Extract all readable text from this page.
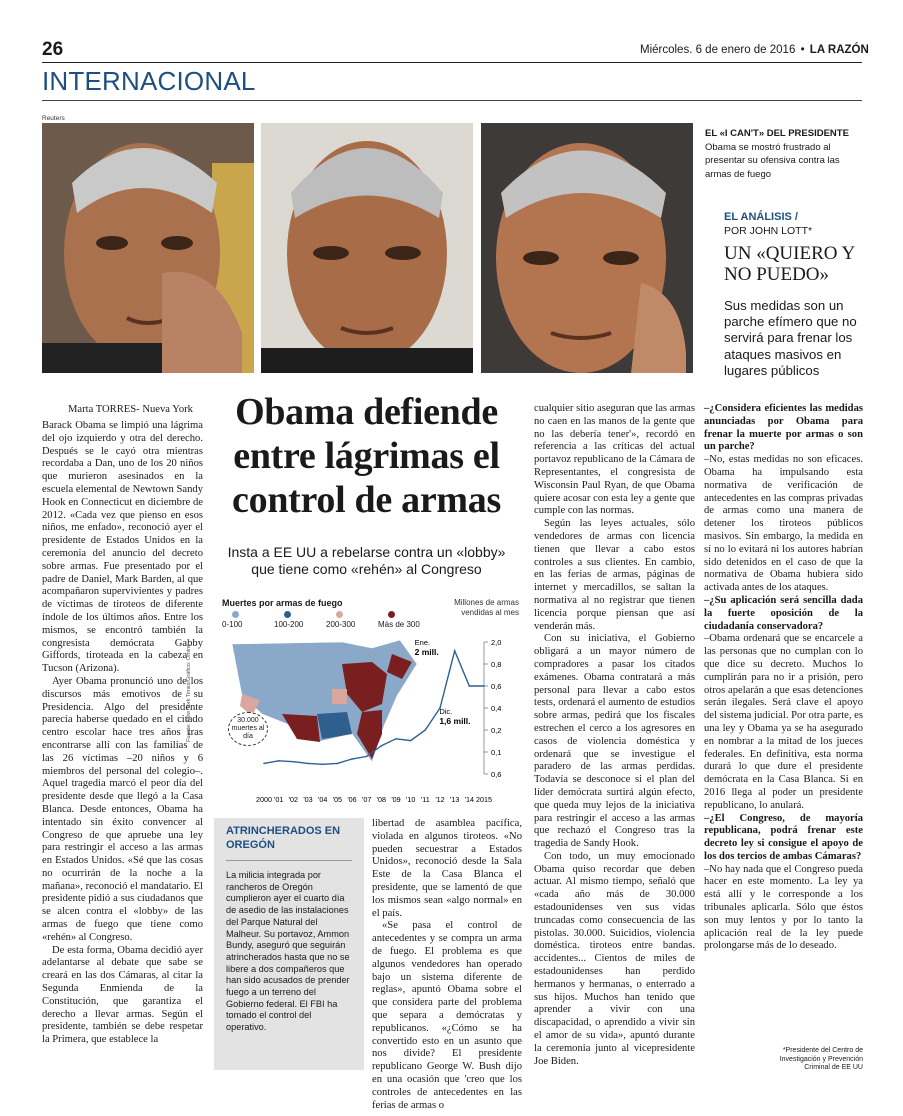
26	Miércoles. 6 de enero de 2016 • LA RAZÓN
INTERNACIONAL
Reuters
EL «I CAN'T» DEL PRESIDENTE
Obama se mostró frustrado al presentar su ofensiva contra las armas de fuego
EL ANÁLISIS /
POR JOHN LOTT*
UN «QUIERO Y NO PUEDO»
Sus medidas son un parche efímero que no servirá para frenar los ataques masivos en lugares públicos
Marta TORRES- Nueva York

Barack Obama se limpió una lágrima del ojo izquierdo y otra del derecho. Después se le cayó otra mientras recordaba a Dan, uno de los 20 niños que murieron asesinados en la escuela elemental de Newtown Sandy Hook en Connecticut en diciembre de 2012. «Cada vez que pienso en esos niños, me enfado», reconoció ayer el presidente de Estados Unidos en la ceremonia del anuncio del decreto sobre armas. Fue presentado por el padre de Daniel, Mark Barden, al que acompañaron supervivientes y padres de víctimas de tiroteos de diferente índole de los últimos años. Entre los mismos, se encontró también la congresista demócrata Gabby Giffords, tiroteada en la cabeza en Tucson (Arizona).

Ayer Obama pronunció uno de los discursos más emotivos de su Presidencia. Algo del presidente parecía haberse quedado en el citado centro escolar hace tres años tras encontrarse allí con las familias de las 26 víctimas –20 niños y 6 miembros del personal del colegio–. Aquel tragedia marcó el peor día del presidente desde que llegó a la Casa Blanca. Desde entonces, Obama ha intentado sin éxito convencer al Congreso de que apruebe una ley para restringir el acceso a las armas en Estados Unidos. «Sé que las cosas no ocurrirán de la noche a la mañana», reconoció el mandatario. El presidente pidió a sus ciudadanos que se alcen contra el «lobby» de las armas de fuego que tiene como «rehén» al Congreso.

De esta forma, Obama decidió ayer adelantarse al debate que sabe se creará en las dos Cámaras, al citar la Segunda Enmienda de la Constitución, que garantiza el derecho a llevar armas. Según el presidente, también se debe respetar la Primera, que establece la

Obama defiende entre lágrimas el control de armas
Insta a EE UU a rebelarse contra un «lobby» que tiene como «rehén» al Congreso
Muertes por armas de fuego
0-100	100-200	200-300	Más de 300
Millones de armas vendidas al mes
30.000 muertes al día
Fuente: New York Times/Gráfico: Omine
2,0
0,8
0,6
0,4
0,2
0,1
0,6
2000 '01 '02 '03 '04 '05 '06 '07 '08 '09 '10 '11 '12 '13 '14 2015
Ene.
2 mill.
Dic.
1,6 mill.
ATRINCHERADOS EN OREGÓN
La milicia integrada por rancheros de Oregón cumplieron ayer el cuarto día de asedio de las instalaciones del Parque Natural del Malheur. Su portavoz, Ammon Bundy, aseguró que seguirán atrincherados hasta que no se libere a dos compañeros que han sido acusados de prender fuego a un terreno del Gobierno federal. El FBI ha tomado el control del operativo.

libertad de asamblea pacífica, violada en algunos tiroteos. «No pueden secuestrar a Estados Unidos», reconoció desde la Sala Este de la Casa Blanca el presidente, que se lamentó de que los mismos sean «algo normal» en el país.

«Se pasa el control de antecedentes y se compra un arma de fuego. El problema es que algunos vendedores han operado bajo un sistema diferente de reglas», apuntó Obama sobre el que considera parte del problema que separa a demócratas y republicanos. «¿Cómo se ha convertido esto en un asunto que nos divide? El presidente republicano George W. Bush dijo en una ocasión que 'creo que los controles de antecedentes en las ferias de armas o

cualquier sitio aseguran que las armas no caen en las manos de la gente que no las debería tener'», recordó en referencia a las críticas del actual portavoz republicano de la Cámara de Representantes, el congresista de Wisconsin Paul Ryan, de que Obama quiere acosar con esta ley a gente que cumple con las normas.

Según las leyes actuales, sólo vendedores de armas con licencia tienen que llevar a cabo estos controles a sus clientes. En cambio, en las ferias de armas, páginas de internet y mercadillos, se saltan la normativa al no registrar que tienen licencia porque piensan que así venderán más.

Con su iniciativa, el Gobierno obligará a un mayor número de compradores a pasar los citados exámenes. Obama contratará a más personal para llevar a cabo estos tests, ordenará el aumento de estudios sobre armas, pedirá que los fiscales estrechen el cerco a los agresores en casos de violencia doméstica y ordenará que se investigue el paradero de las armas perdidas. Todavía se desconoce si el plan del líder demócrata surtirá algún efecto, que queda muy lejos de la iniciativa para restringir el acceso a las armas que rechazó el Congreso tras la tragedia de Sandy Hook.

Con todo, un muy emocionado Obama quiso recordar que deben actuar. Al mismo tiempo, señaló que «cada año más de 30.000 estadounidenses ven sus vidas truncadas como consecuencia de las pistolas. 30.000. Suicidios, violencia doméstica. tiroteos entre bandas. accidentes... Cientos de miles de estadounidenses han perdido hermanos y hermanas, o enterrado a sus hijos. Muchos han tenido que aprender a vivir con una discapacidad, o aprendido a vivir sin el amor de su vida», apuntó durante la ceremonia junto al vicepresidente Joe Biden.

–¿Considera eficientes las medidas anunciadas por Obama para frenar la muerte por armas o son un parche?

–No, estas medidas no son eficaces. Obama ha impulsando esta normativa de verificación de antecedentes en las compras privadas de armas como una manera de detener los tiroteos públicos masivos. Sin embargo, la medida en sí no lo evitará ni los autores habrían sido detenidos en el caso de que la normativa de Obama hubiera sido activada antes de los ataques.

–¿Su aplicación será sencilla dada la fuerte oposición de la ciudadanía conservadora?

–Obama ordenará que se encarcele a las personas que no cumplan con lo que dice su decreto. Muchos lo cumplirán para no ir a prisión, pero otros apelarán a que esas detenciones serán ilegales. Será clave el apoyo del sistema judicial. Por otra parte, es una ley y Obama ya se ha asegurado en nombrar a la mitad de los jueces federales. En definitiva, esta norma durará lo que dure el presidente demócrata en la Casa Blanca. Si en 2016 llega al poder un presidente republicano, lo anulará.

–¿El Congreso, de mayoría republicana, podrá frenar este decreto ley si consigue el apoyo de los dos tercios de ambas Cámaras?

–No hay nada que el Congreso pueda hacer en este momento. La ley ya está allí y le corresponde a los tribunales aplicarla. Sólo que éstos son muy lentos y por lo tanto la aplicación real de la ley puede prolongarse más de lo deseado.

*Presidente del Centro de Investigación y Prevención Criminal de EE UU
